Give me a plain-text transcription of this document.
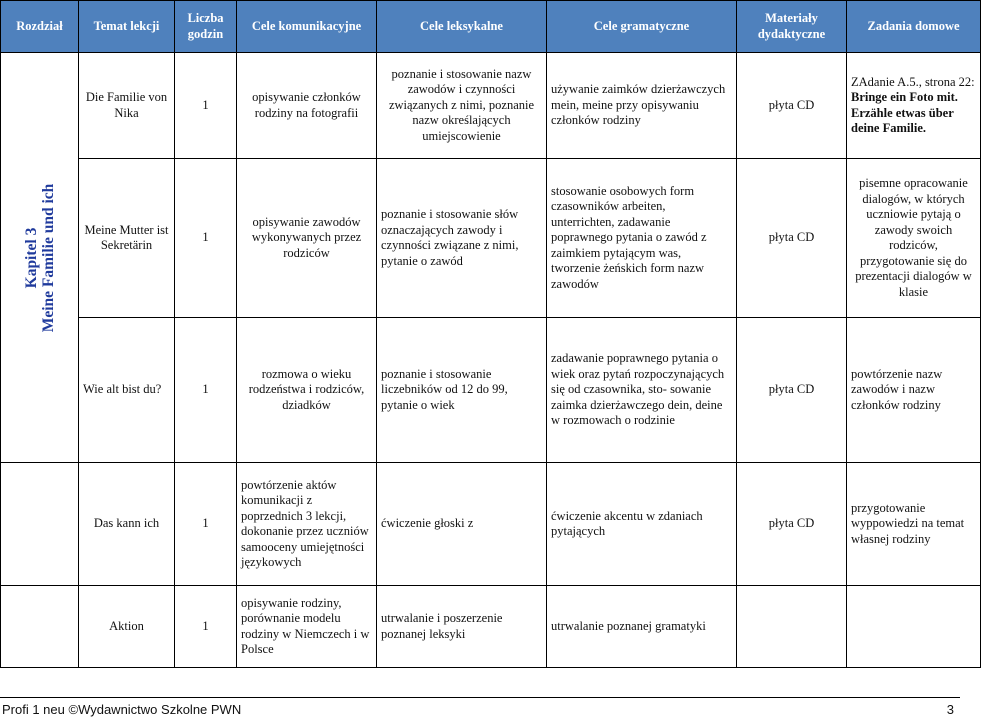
Rozdział	Temat lekcji	Liczba godzin	Cele komunikacyjne	Cele leksykalne	Cele gramatyczne	Materiały dydaktyczne	Zadania domowe

Kapitel 3 Meine Familie und ich	Die Familie von Nika	1	opisywanie członków rodziny na fotografii	poznanie i stosowanie nazw zawodów i czynności związanych z nimi, poznanie nazw określających umiejscowienie	używanie zaimków dzierżawczych mein, meine przy opisywaniu członków rodziny	płyta CD	ZAdanie A.5., strona 22: Bringe ein Foto mit. Erzähle etwas über deine Familie.
	Meine Mutter ist Sekretärin	1	opisywanie zawodów wykonywanych przez rodziców	poznanie i stosowanie słów oznaczających zawody i czynności związane z nimi, pytanie o zawód	stosowanie osobowych form czasowników arbeiten, unterrichten, zadawanie poprawnego pytania o zawód z zaimkiem pytającym was, tworzenie żeńskich form nazw zawodów	płyta CD	pisemne opracowanie dialogów, w których uczniowie pytają o zawody swoich rodziców, przygotowanie się do prezentacji dialogów w klasie
	Wie alt bist du?	1	rozmowa o wieku rodzeństwa i rodziców, dziadków	poznanie i stosowanie liczebników od 12 do 99, pytanie o wiek	zadawanie poprawnego pytania o wiek oraz pytań rozpoczynających się od czasownika, sto- sowanie zaimka dzierżawczego dein, deine w rozmowach o rodzinie	płyta CD	powtórzenie nazw zawodów i nazw członków rodziny
	Das kann ich	1	powtórzenie aktów komunikacji z poprzednich 3 lekcji, dokonanie przez uczniów samooceny umiejętności językowych	ćwiczenie głoski z	ćwiczenie akcentu w zdaniach pytających	płyta CD	przygotowanie wyppowiedzi na temat własnej rodziny
	Aktion	1	opisywanie rodziny, porównanie modelu rodziny w Niemczech i w Polsce	utrwalanie i poszerzenie poznanej leksyki	utrwalanie poznanej gramatyki		
Profi 1 neu ©Wydawnictwo Szkolne PWN	3
